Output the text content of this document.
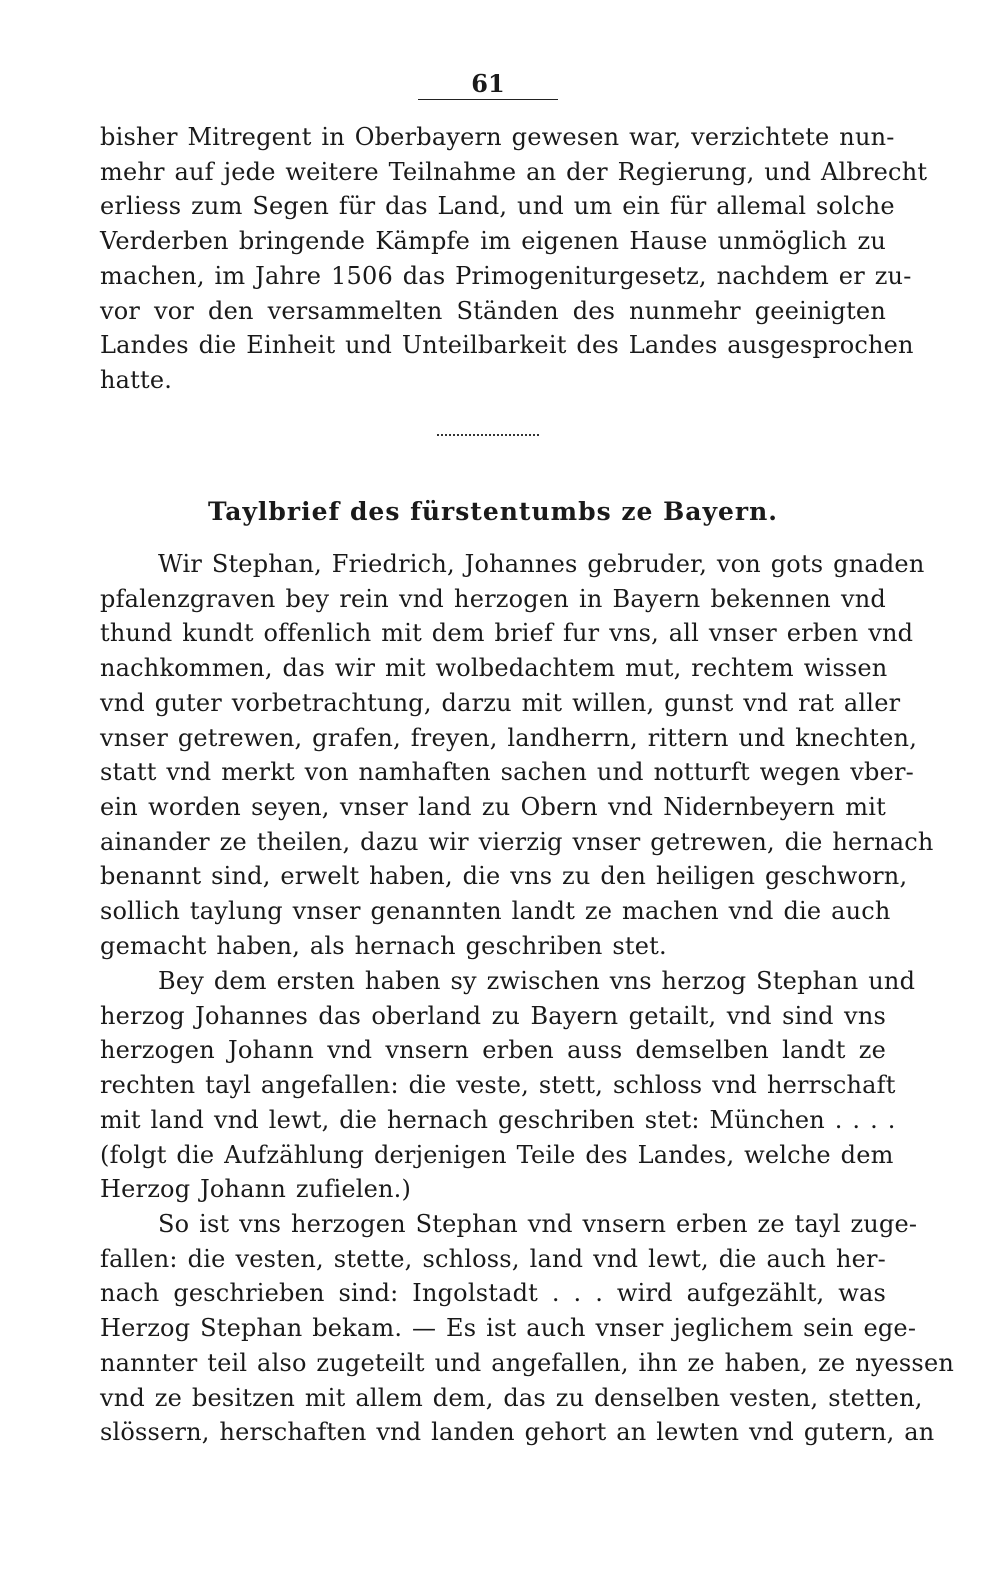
61
bisher Mitregent in Oberbayern gewesen war, verzichtete nun-
mehr auf jede weitere Teilnahme an der Regierung, und Albrecht
erliess zum Segen für das Land, und um ein für allemal solche
Verderben bringende Kämpfe im eigenen Hause unmöglich zu
machen, im Jahre 1506 das Primogeniturgesetz, nachdem er zu-
vor vor den versammelten Ständen des nunmehr geeinigten
Landes die Einheit und Unteilbarkeit des Landes ausgesprochen
hatte.
Taylbrief des fürstentumbs ze Bayern.
Wir Stephan, Friedrich, Johannes gebruder, von gots gnaden
pfalenzgraven bey rein vnd herzogen in Bayern bekennen vnd
thund kundt offenlich mit dem brief fur vns, all vnser erben vnd
nachkommen, das wir mit wolbedachtem mut, rechtem wissen
vnd guter vorbetrachtung, darzu mit willen, gunst vnd rat aller
vnser getrewen, grafen, freyen, landherrn, rittern und knechten,
statt vnd merkt von namhaften sachen und notturft wegen vber-
ein worden seyen, vnser land zu Obern vnd Nidernbeyern mit
ainander ze theilen, dazu wir vierzig vnser getrewen, die hernach
benannt sind, erwelt haben, die vns zu den heiligen geschworn,
sollich taylung vnser genannten landt ze machen vnd die auch
gemacht haben, als hernach geschriben stet.
Bey dem ersten haben sy zwischen vns herzog Stephan und
herzog Johannes das oberland zu Bayern getailt, vnd sind vns
herzogen Johann vnd vnsern erben auss demselben landt ze
rechten tayl angefallen: die veste, stett, schloss vnd herrschaft
mit land vnd lewt, die hernach geschriben stet: München . . . .
(folgt die Aufzählung derjenigen Teile des Landes, welche dem
Herzog Johann zufielen.)
So ist vns herzogen Stephan vnd vnsern erben ze tayl zuge-
fallen: die vesten, stette, schloss, land vnd lewt, die auch her-
nach geschrieben sind: Ingolstadt . . . wird aufgezählt, was
Herzog Stephan bekam. — Es ist auch vnser jeglichem sein ege-
nannter teil also zugeteilt und angefallen, ihn ze haben, ze nyessen
vnd ze besitzen mit allem dem, das zu denselben vesten, stetten,
slössern, herschaften vnd landen gehort an lewten vnd gutern, an
